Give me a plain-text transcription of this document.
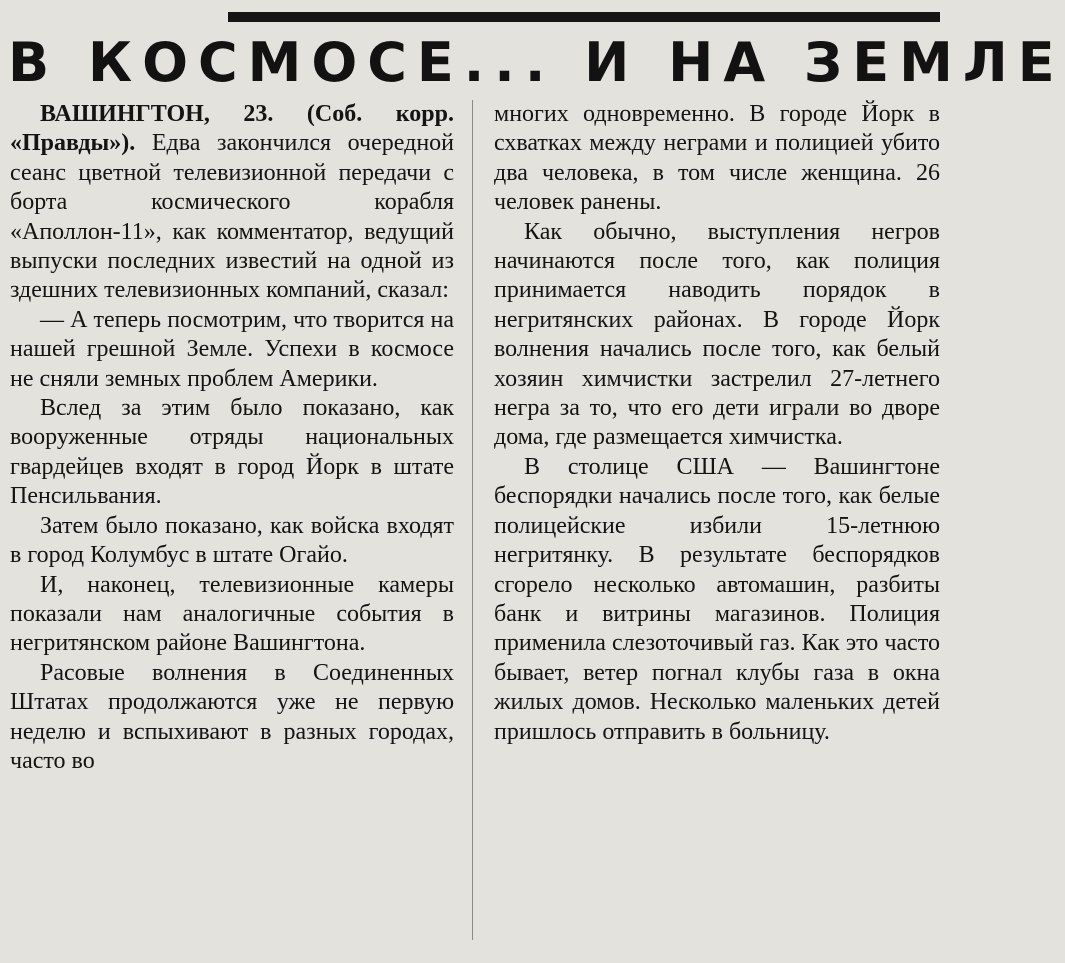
В КОСМОСЕ... И НА ЗЕМЛЕ

ВАШИНГТОН, 23. (Соб. корр. «Правды»). Едва закончился очередной сеанс цветной телевизионной передачи с борта космического корабля «Аполлон-11», как комментатор, ведущий выпуски последних известий на одной из здешних телевизионных компаний, сказал:

— А теперь посмотрим, что творится на нашей грешной Земле. Успехи в космосе не сняли земных проблем Америки.

Вслед за этим было показано, как вооруженные отряды национальных гвардейцев входят в город Йорк в штате Пенсильвания.

Затем было показано, как войска входят в город Колумбус в штате Огайо.

И, наконец, телевизионные камеры показали нам аналогичные события в негритянском районе Вашингтона.

Расовые волнения в Соединенных Штатах продолжаются уже не первую неделю и вспыхивают в разных городах, часто во

многих одновременно. В городе Йорк в схватках между неграми и полицией убито два человека, в том числе женщина. 26 человек ранены.

Как обычно, выступления негров начинаются после того, как полиция принимается наводить порядок в негритянских районах. В городе Йорк волнения начались после того, как белый хозяин химчистки застрелил 27-летнего негра за то, что его дети играли во дворе дома, где размещается химчистка.

В столице США — Вашингтоне беспорядки начались после того, как белые полицейские избили 15-летнюю негритянку. В результате беспорядков сгорело несколько автомашин, разбиты банк и витрины магазинов. Полиция применила слезоточивый газ. Как это часто бывает, ветер погнал клубы газа в окна жилых домов. Несколько маленьких детей пришлось отправить в больницу.
